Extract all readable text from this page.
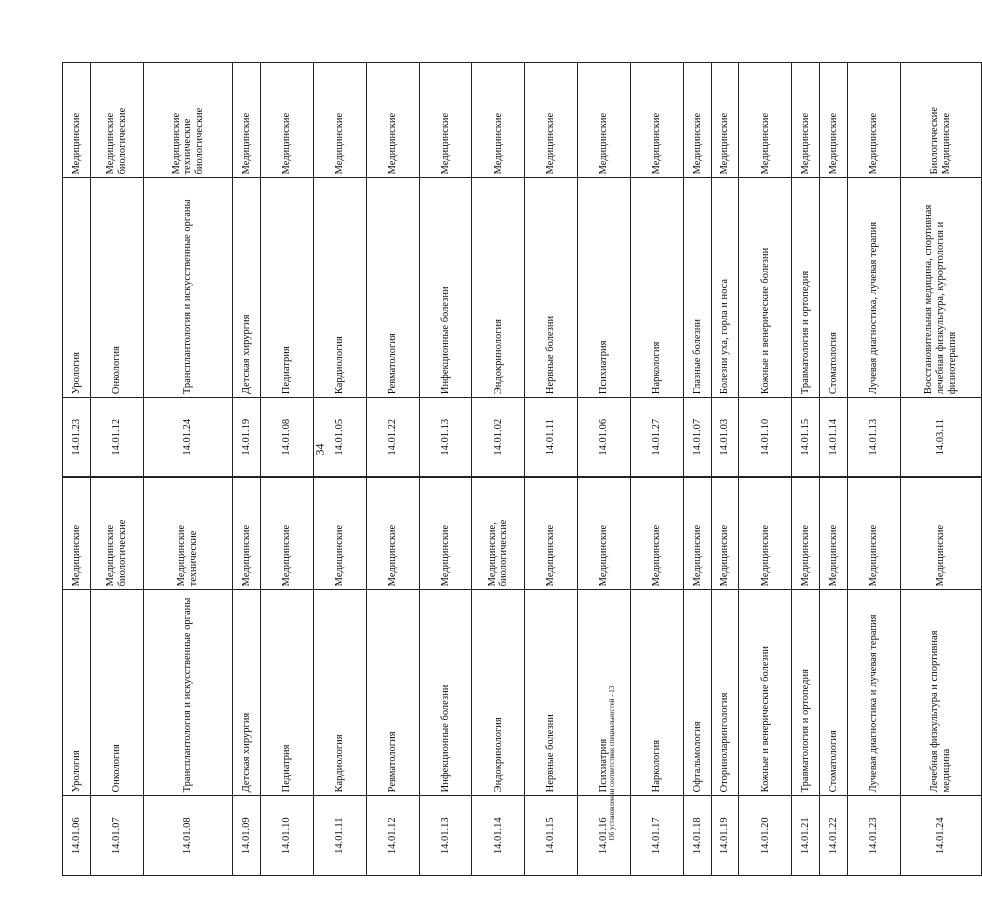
34
14.01.06	Урология	Медицинские	14.01.23	Урология	Медицинские
14.01.07	Онкология	Медицинские биологические	14.01.12	Онкология	Медицинские биологические
14.01.08	Трансплантология и искусственные органы	Медицинские технические	14.01.24	Трансплантология и искусственные органы	Медицинские технические биологические
14.01.09	Детская хирургия	Медицинские	14.01.19	Детская хирургия	Медицинские
14.01.10	Педиатрия	Медицинские	14.01.08	Педиатрия	Медицинские
14.01.11	Кардиология	Медицинские	14.01.05	Кардиология	Медицинские
14.01.12	Ревматология	Медицинские	14.01.22	Ревматология	Медицинские
14.01.13	Инфекционные болезни	Медицинские	14.01.13	Инфекционные болезни	Медицинские
14.01.14	Эндокринология	Медицинские, биологические	14.01.02	Эндокринология	Медицинские
14.01.15	Нервные болезни	Медицинские	14.01.11	Нервные болезни	Медицинские
14.01.16	Психиатрия	Медицинские	14.01.06	Психиатрия	Медицинские
14.01.17	Наркология	Медицинские	14.01.27	Наркология	Медицинские
14.01.18	Офтальмология	Медицинские	14.01.07	Глазные болезни	Медицинские
14.01.19	Оториноларингология	Медицинские	14.01.03	Болезни уха, горла и носа	Медицинские
14.01.20	Кожные и венерические болезни	Медицинские	14.01.10	Кожные и венерические болезни	Медицинские
14.01.21	Травматология и ортопедия	Медицинские	14.01.15	Травматология и ортопедия	Медицинские
14.01.22	Стоматология	Медицинские	14.01.14	Стоматология	Медицинские
14.01.23	Лучевая диагностика и лучевая терапия	Медицинские	14.01.13	Лучевая диагностика, лучевая терапия	Медицинские
14.01.24	Лечебная физкультура и спортивная медицина	Медицинские	14.03.11	Восстановительная медицина, спортивная лечебная физкультура, курортология и физиотерапия	Биологические Медицинские
Об установлении соответствия специальностей - 13
